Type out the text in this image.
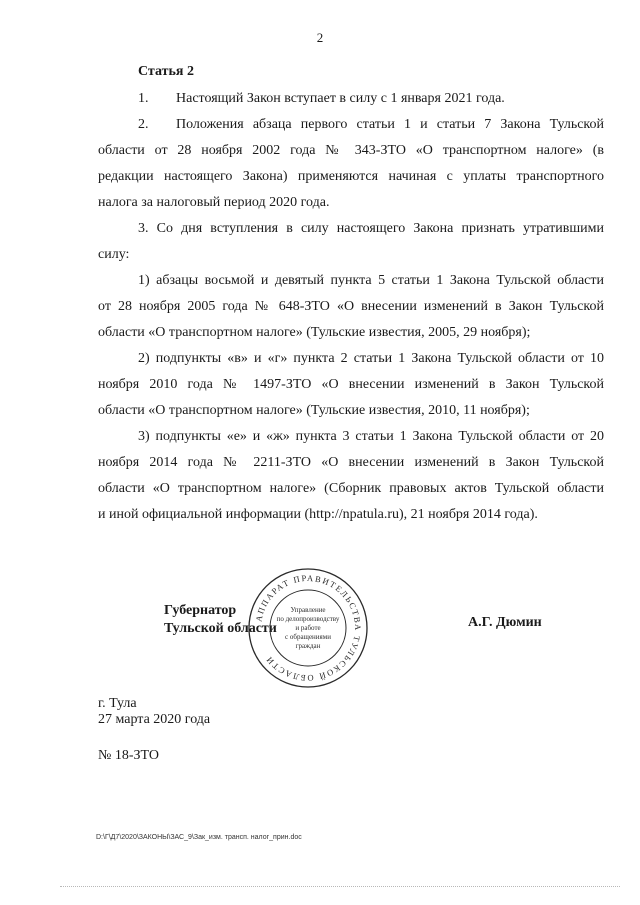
2
Статья 2
1. Настоящий Закон вступает в силу с 1 января 2021 года.
2. Положения абзаца первого статьи 1 и статьи 7 Закона Тульской
области от 28 ноября 2002 года № 343-ЗТО «О транспортном налоге» (в
редакции настоящего Закона) применяются начиная с уплаты транспортного
налога за налоговый период 2020 года.
3. Со дня вступления в силу настоящего Закона признать утратившими
силу:
1) абзацы восьмой и девятый пункта 5 статьи 1 Закона Тульской области
от 28 ноября 2005 года № 648-ЗТО «О внесении изменений в Закон Тульской
области «О транспортном налоге» (Тульские известия, 2005, 29 ноября);
2) подпункты «в» и «г» пункта 2 статьи 1 Закона Тульской области от 10
ноября 2010 года № 1497-ЗТО «О внесении изменений в Закон Тульской
области «О транспортном налоге» (Тульские известия, 2010, 11 ноября);
3) подпункты «е» и «ж» пункта 3 статьи 1 Закона Тульской области от 20
ноября 2014 года № 2211-ЗТО «О внесении изменений в Закон Тульской
области «О транспортном налоге» (Сборник правовых актов Тульской области
и иной официальной информации (http://npatula.ru), 21 ноября 2014 года).
Губернатор
Тульской области	А.Г. Дюмин
АППАРАТ ПРАВИТЕЛЬСТВА ТУЛЬСКОЙ ОБЛАСТИ
Управление
по делопроизводству
и работе
с обращениями
граждан
г. Тула
27 марта 2020 года
№ 18-ЗТО
D:\Г\Д7\2020\ЗАКОНЫ\ЗАС_9\Зак_изм. трансп. налог_прин.doc
